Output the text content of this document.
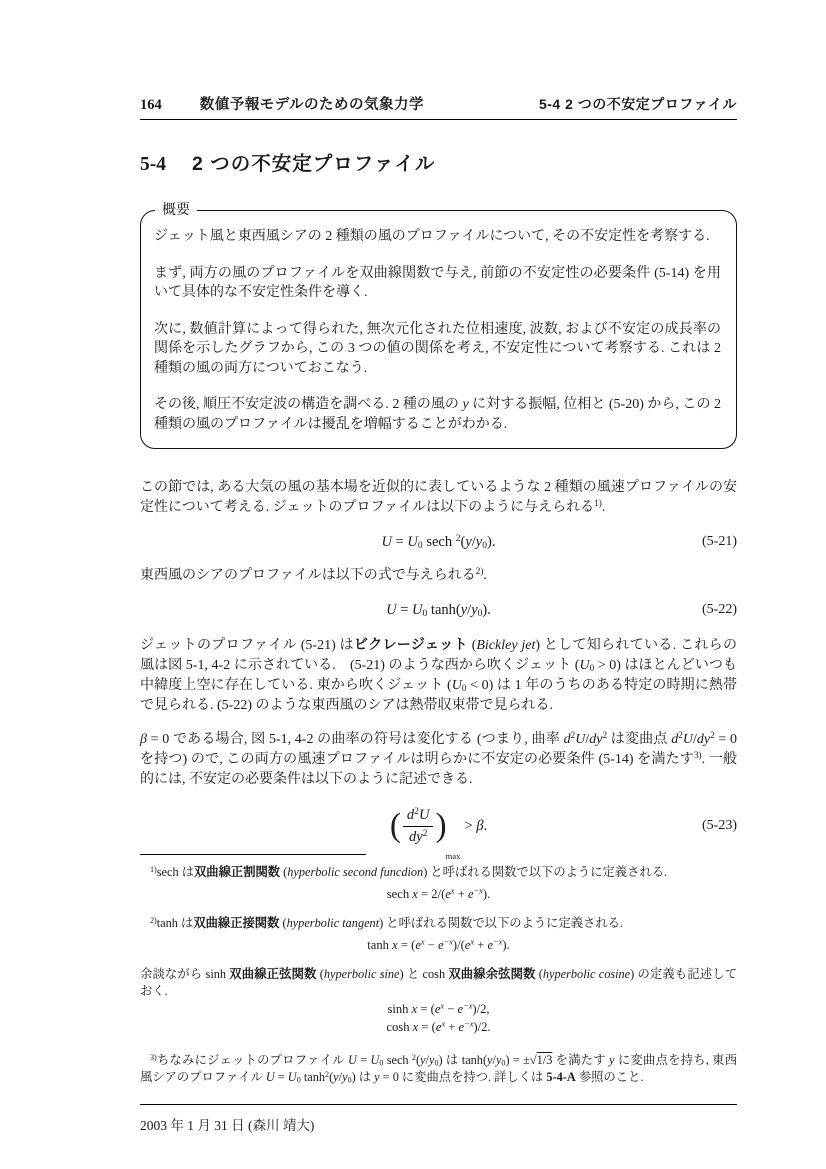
164	数値予報モデルのための気象力学	5-4 2 つの不安定プロファイル
5-4 2 つの不安定プロファイル
概要

ジェット風と東西風シアの 2 種類の風のプロファイルについて, その不安定性を考察する.

まず, 両方の風のプロファイルを双曲線関数で与え, 前節の不安定性の必要条件 (5-14) を用いて具体的な不安定性条件を導く.

次に, 数値計算によって得られた, 無次元化された位相速度, 波数, および不安定の成長率の関係を示したグラフから, この 3 つの値の関係を考え, 不安定性について考察する. これは 2 種類の風の両方についておこなう.

その後, 順圧不安定波の構造を調べる. 2 種の風の y に対する振幅, 位相と (5-20) から, この 2 種類の風のプロファイルは擾乱を増幅することがわかる.

この節では, ある大気の風の基本場を近似的に表しているような 2 種類の風速プロファイルの安定性について考える. ジェットのプロファイルは以下のように与えられる$^{1)}$.

U = U0 sech $^2$(y/y0).	(5-21)

東西風のシアのプロファイルは以下の式で与えられる$^{2)}$.

U = U0 tanh(y/y0).	(5-22)

ジェットのプロファイル (5-21) はビクレージェット (Bickley jet) として知られている. これらの風は図 5-1, 4-2 に示されている.　(5-21) のような西から吹くジェット $(U_0 > 0)$ はほとんどいつも中緯度上空に存在している. 東から吹くジェット $(U_0 < 0)$ は 1 年のうちのある特定の時期に熱帯で見られる. (5-22) のような東西風のシアは熱帯収束帯で見られる.

β = 0 である場合, 図 5-1, 4-2 の曲率の符号は変化する (つまり, 曲率 $d^2U/dy^2$ は変曲点 $d^2U/dy^2 = 0$ を持つ) ので, この両方の風速プロファイルは明らかに不安定の必要条件 (5-14) を満たす$^{3)}$. 一般的には, 不安定の必要条件は以下のように記述できる.

( $\frac{d^2U}{dy^2}$ )
max
> β.	(5-23)

$^{1)}$sech は双曲線正割関数 (hyperbolic second funcdion) と呼ばれる関数で以下のように定義される.

sech $x = 2/(e^x + e^{-x})$.

$^{2)}$tanh は双曲線正接関数 (hyperbolic tangent) と呼ばれる関数で以下のように定義される.

$\tanh x = (e^x - e^{-x})/(e^x + e^{-x})$.

余談ながら sinh 双曲線正弦関数 (hyperbolic sine) と cosh 双曲線余弦関数 (hyperbolic cosine) の定義も記述しておく.

$\sinh x = (e^x - e^{-x})/2$,
$\cosh x = (e^x + e^{-x})/2$.

$^{3)}$ちなみにジェットのプロファイル U = U0 sech $^2$(y/y0) は tanh(y/y0) = ±√1/3 を満たす y に変曲点を持ち, 東西風シアのプロファイル U = U0 $\tanh^2(y/y0)$ は y = 0 に変曲点を持つ. 詳しくは 5-4-A 参照のこと.

2003 年 1 月 31 日 (森川 靖大)
